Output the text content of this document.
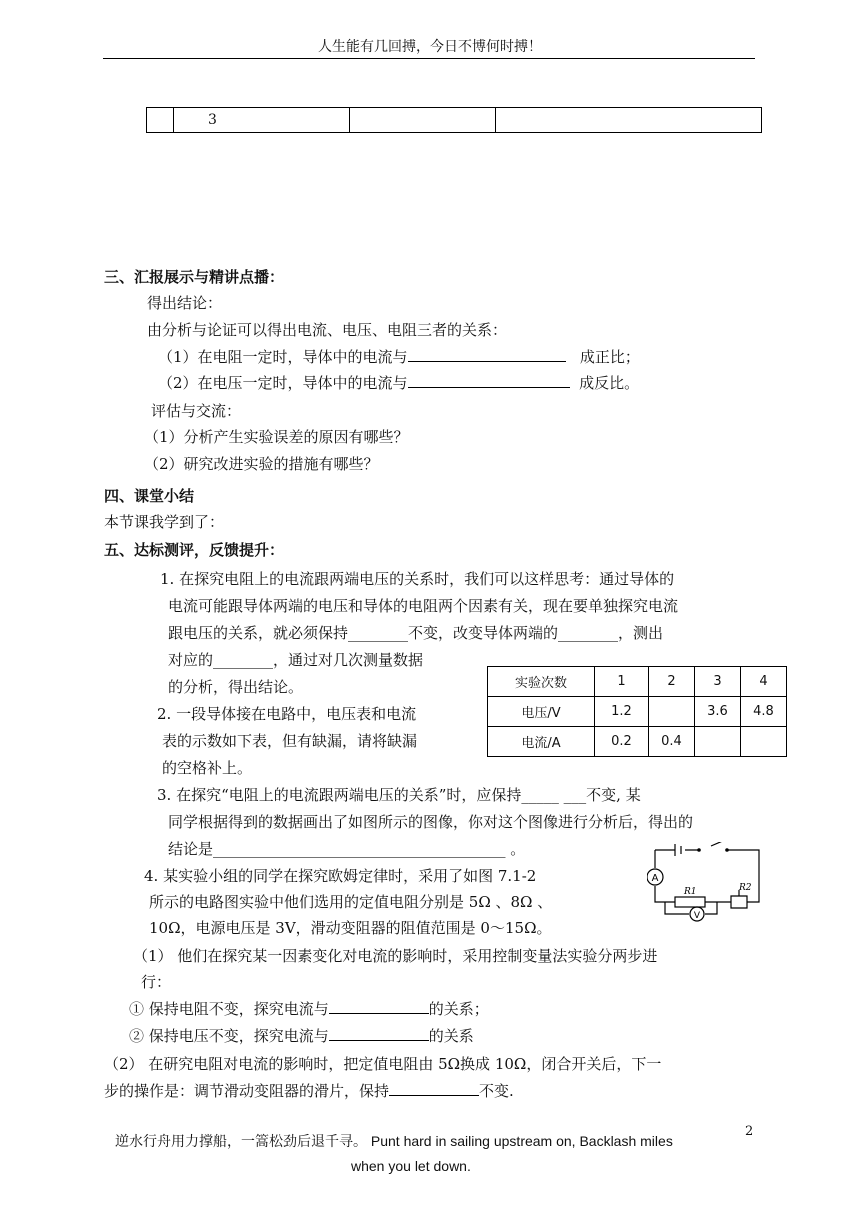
人生能有几回搏，今日不博何时搏！
	3		
三、汇报展示与精讲点播：
得出结论：
由分析与论证可以得出电流、电压、电阻三者的关系：
（1）在电阻一定时，导体中的电流与	成正比；
（2）在电压一定时，导体中的电流与	成反比。
评估与交流：
（1）分析产生实验误差的原因有哪些？
（2）研究改进实验的措施有哪些？
四、课堂小结
本节课我学到了：
五、达标测评，反馈提升：
1. 在探究电阻上的电流跟两端电压的关系时，我们可以这样思考：通过导体的
电流可能跟导体两端的电压和导体的电阻两个因素有关，现在要单独探究电流
跟电压的关系，就必须保持________不变，改变导体两端的________，测出
对应的________，通过对几次测量数据
的分析，得出结论。
2. 一段导体接在电路中，电压表和电流
表的示数如下表，但有缺漏，请将缺漏
的空格补上。
实验次数	1	2	3	4
电压/V	1.2		3.6	4.8
电流/A	0.2	0.4		
3. 在探究“电阻上的电流跟两端电压的关系”时，应保持_____ ___不变, 某
同学根据得到的数据画出了如图所示的图像，你对这个图像进行分析后，得出的
结论是_______________________________________ 。
4. 某实验小组的同学在探究欧姆定律时，采用了如图 7.1-2
所示的电路图实验中他们选用的定值电阻分别是 5Ω 、8Ω 、
10Ω，电源电压是 3V，滑动变阻器的阻值范围是 0～15Ω。
A
V
R1	R2
（1） 他们在探究某一因素变化对电流的影响时，采用控制变量法实验分两步进
行：
① 保持电阻不变，探究电流与	的关系；
② 保持电压不变，探究电流与	的关系
（2） 在研究电阻对电流的影响时，把定值电阻由 5Ω换成 10Ω，闭合开关后，下一
步的操作是：调节滑动变阻器的滑片，保持	不变.
逆水行舟用力撑船，一篙松劲后退千寻。 Punt hard in sailing upstream on, Backlash miles
when you let down.
2
